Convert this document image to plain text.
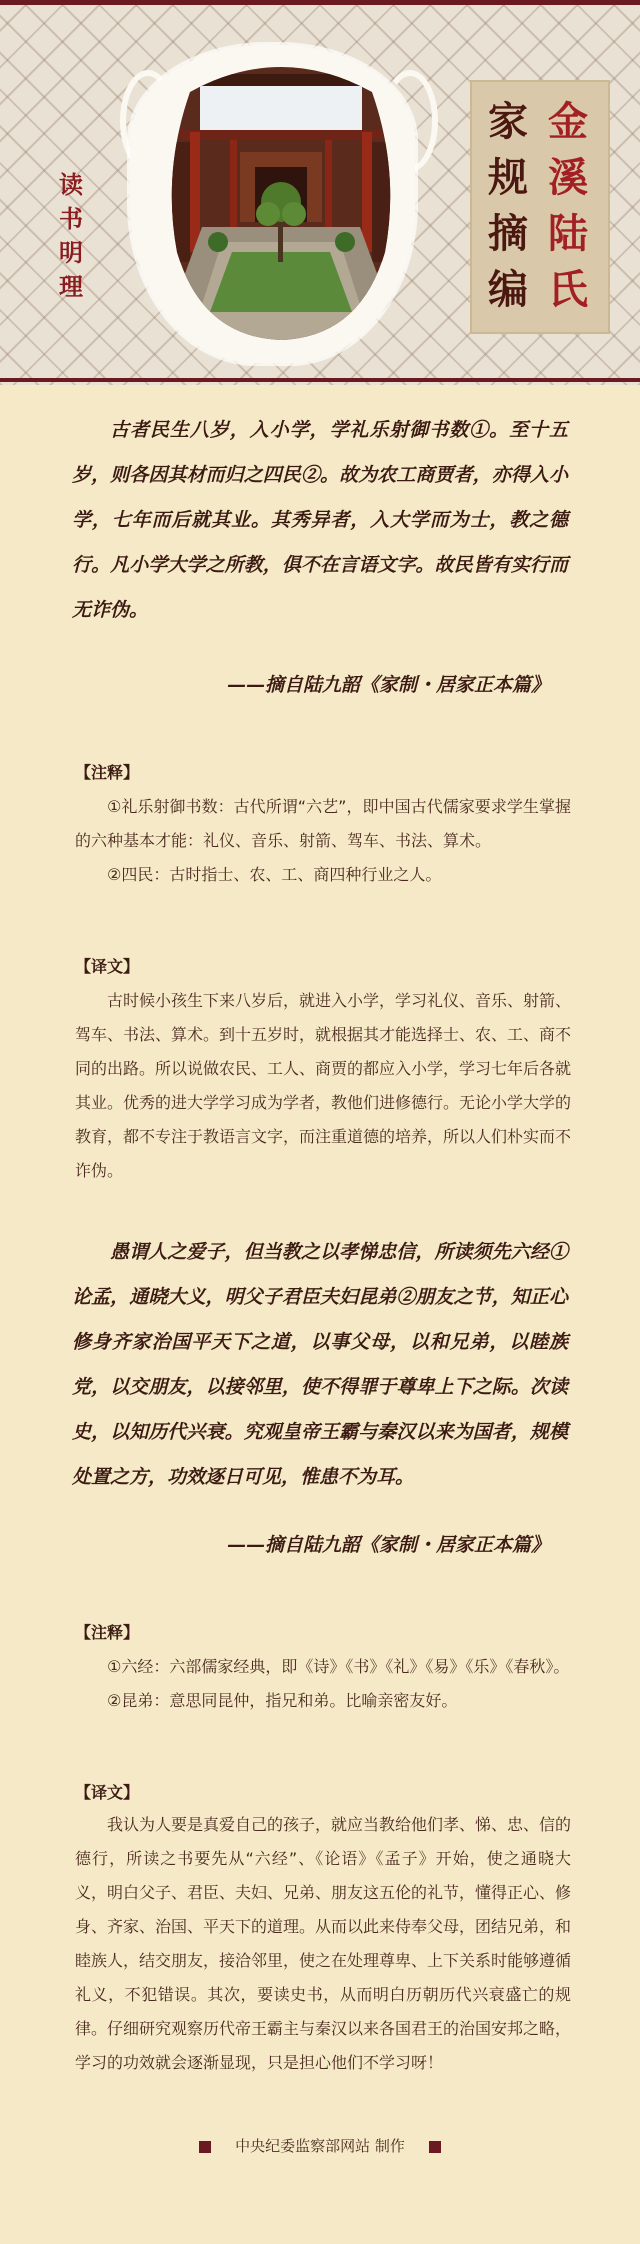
读
书
明
理
金
溪
陆
氏
家
规
摘
编

古者民生八岁，入小学，学礼乐射御书数①。至十五岁，则各因其材而归之四民②。故为农工商贾者，亦得入小学，七年而后就其业。其秀异者，入大学而为士，教之德行。凡小学大学之所教，俱不在言语文字。故民皆有实行而无诈伪。

——摘自陆九韶《家制・居家正本篇》
【注释】

①礼乐射御书数：古代所谓“六艺”，即中国古代儒家要求学生掌握的六种基本才能：礼仪、音乐、射箭、驾车、书法、算术。

②四民：古时指士、农、工、商四种行业之人。

【译文】

古时候小孩生下来八岁后，就进入小学，学习礼仪、音乐、射箭、驾车、书法、算术。到十五岁时，就根据其才能选择士、农、工、商不同的出路。所以说做农民、工人、商贾的都应入小学，学习七年后各就其业。优秀的进大学学习成为学者，教他们进修德行。无论小学大学的教育，都不专注于教语言文字，而注重道德的培养，所以人们朴实而不诈伪。

愚谓人之爱子，但当教之以孝悌忠信，所读须先六经①论孟，通晓大义，明父子君臣夫妇昆弟②朋友之节，知正心修身齐家治国平天下之道，以事父母，以和兄弟，以睦族党，以交朋友，以接邻里，使不得罪于尊卑上下之际。次读史，以知历代兴衰。究观皇帝王霸与秦汉以来为国者，规模处置之方，功效逐日可见，惟患不为耳。

——摘自陆九韶《家制・居家正本篇》
【注释】

①六经：六部儒家经典，即《诗》《书》《礼》《易》《乐》《春秋》。

②昆弟：意思同昆仲，指兄和弟。比喻亲密友好。

【译文】

我认为人要是真爱自己的孩子，就应当教给他们孝、悌、忠、信的德行，所读之书要先从“六经”、《论语》《孟子》开始，使之通晓大义，明白父子、君臣、夫妇、兄弟、朋友这五伦的礼节，懂得正心、修身、齐家、治国、平天下的道理。从而以此来侍奉父母，团结兄弟，和睦族人，结交朋友，接洽邻里，使之在处理尊卑、上下关系时能够遵循礼义，不犯错误。其次，要读史书，从而明白历朝历代兴衰盛亡的规律。仔细研究观察历代帝王霸主与秦汉以来各国君王的治国安邦之略，学习的功效就会逐渐显现，只是担心他们不学习呀！

中央纪委监察部网站 制作
